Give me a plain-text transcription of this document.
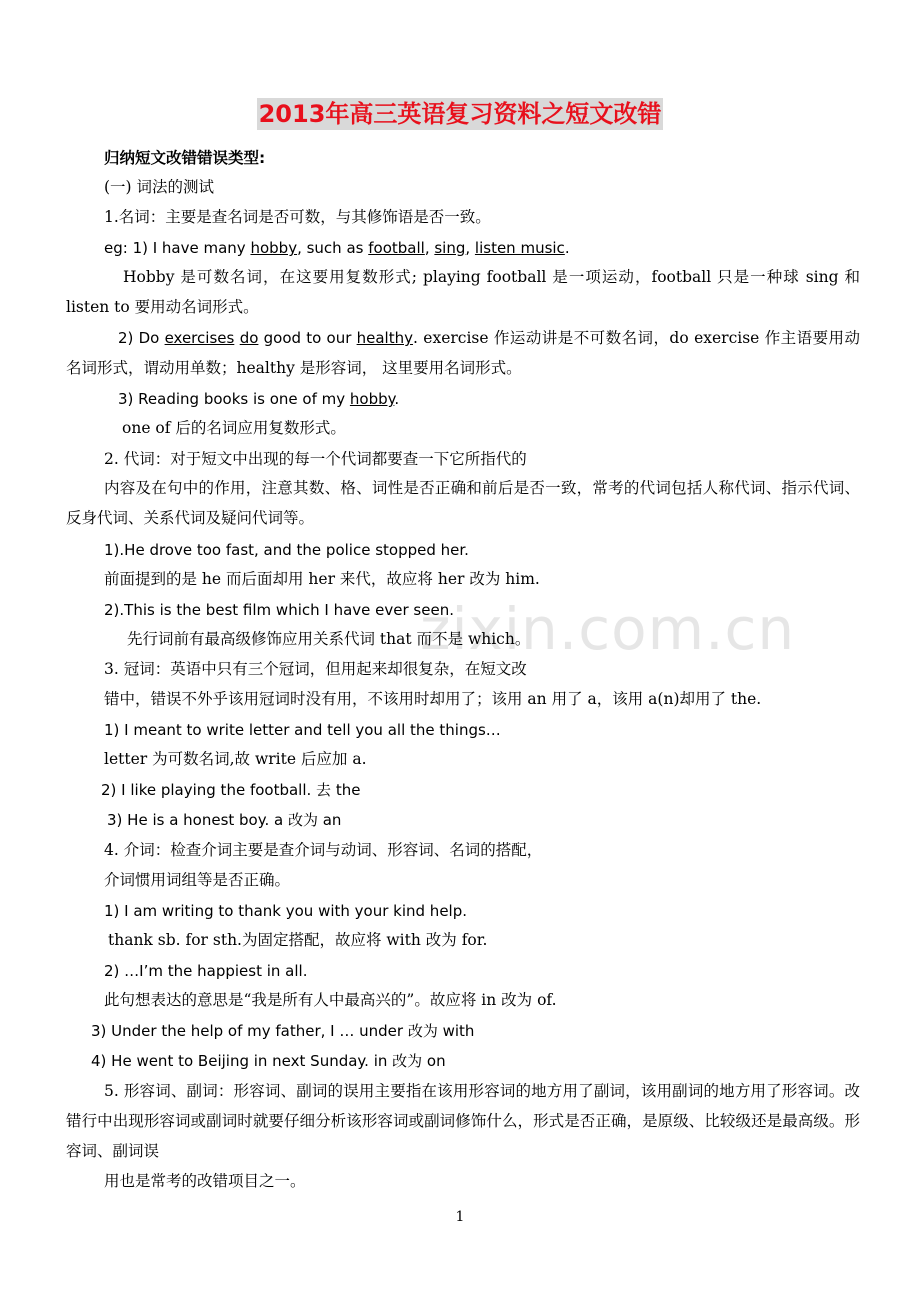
zixin.com.cn
2013年高三英语复习资料之短文改错
归纳短文改错错误类型:
(一) 词法的测试
1.名词：主要是查名词是否可数，与其修饰语是否一致。
eg: 1) I have many hobby, such as football, sing, listen music.
Hobby 是可数名词，在这要用复数形式; playing football 是一项运动，football 只是一种球 sing 和 listen to 要用动名词形式。
2) Do exercises do good to our healthy. exercise 作运动讲是不可数名词，do exercise 作主语要用动名词形式，谓动用单数；healthy 是形容词， 这里要用名词形式。
3) Reading books is one of my hobby.
one of 后的名词应用复数形式。
2. 代词：对于短文中出现的每一个代词都要查一下它所指代的
内容及在句中的作用，注意其数、格、词性是否正确和前后是否一致，常考的代词包括人称代词、指示代词、反身代词、关系代词及疑问代词等。
1).He drove too fast, and the police stopped her.
前面提到的是 he 而后面却用 her 来代，故应将 her 改为 him.
2).This is the best film which I have ever seen.
先行词前有最高级修饰应用关系代词 that 而不是 which。
3. 冠词：英语中只有三个冠词，但用起来却很复杂，在短文改
错中，错误不外乎该用冠词时没有用，不该用时却用了；该用 an 用了 a，该用 a(n)却用了 the.
1) I meant to write letter and tell you all the things…
letter 为可数名词,故 write 后应加 a.
2) I like playing the football. 去 the
3) He is a honest boy. a 改为 an
4. 介词：检查介词主要是查介词与动词、形容词、名词的搭配，
介词惯用词组等是否正确。
1) I am writing to thank you with your kind help.
thank sb. for sth.为固定搭配，故应将 with 改为 for.
2) …I’m the happiest in all.
此句想表达的意思是“我是所有人中最高兴的”。故应将 in 改为 of.
3) Under the help of my father, I … under 改为 with
4) He went to Beijing in next Sunday. in 改为 on
5. 形容词、副词：形容词、副词的误用主要指在该用形容词的地方用了副词，该用副词的地方用了形容词。改错行中出现形容词或副词时就要仔细分析该形容词或副词修饰什么，形式是否正确，是原级、比较级还是最高级。形容词、副词误
用也是常考的改错项目之一。
1
